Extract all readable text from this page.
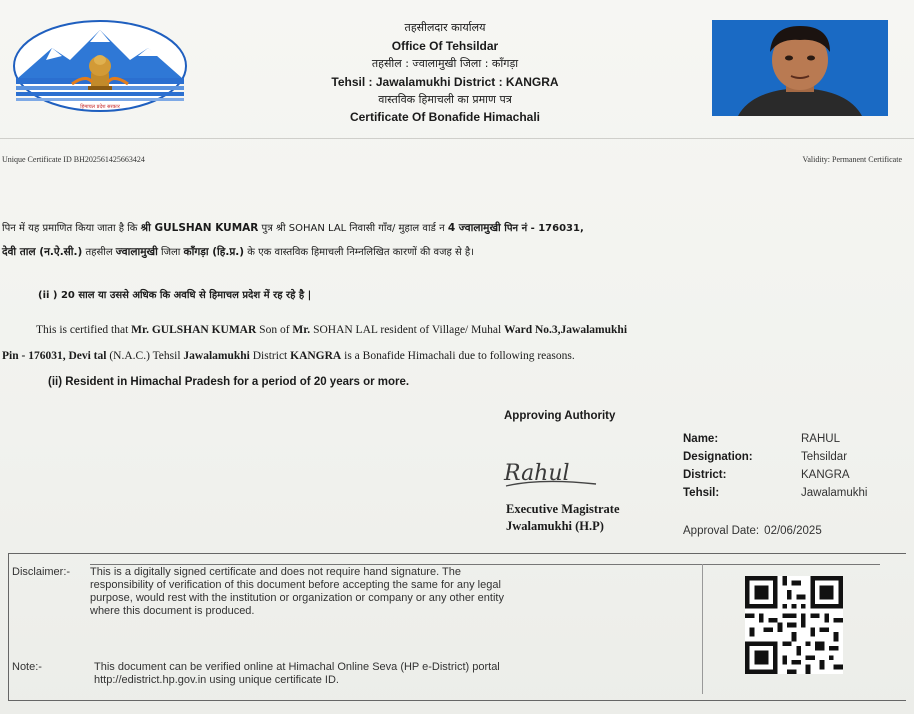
हिमाचल प्रदेश सरकार
तहसीलदार कार्यालय
Office Of Tehsildar
तहसील : ज्वालामुखी जिला : काँगड़ा
Tehsil : Jawalamukhi District : KANGRA
वास्तविक हिमाचली का प्रमाण पत्र
Certificate Of Bonafide Himachali
Unique Certificate ID BH202561425663424	Validity: Permanent Certificate
पिन में यह प्रमाणित किया जाता है कि श्री GULSHAN KUMAR पुत्र श्री SOHAN LAL निवासी गाँव/ मुहाल वार्ड न 4 ज्वालामुखी पिन नं - 176031,
देवी ताल (न.ऐ.सी.) तहसील ज्वालामुखी जिला काँगड़ा (हि.प्र.) के एक वास्तविक हिमाचली निम्नलिखित कारणों की वजह से है।
(ii ) 20 साल या उससे अधिक कि अवधि से हिमाचल प्रदेश में रह रहे है |
This is certified that Mr. GULSHAN KUMAR Son of Mr. SOHAN LAL resident of Village/ Muhal Ward No.3,Jawalamukhi
Pin - 176031, Devi tal (N.A.C.) Tehsil Jawalamukhi District KANGRA is a Bonafide Himachali due to following reasons.
(ii) Resident in Himachal Pradesh for a period of 20 years or more.
Approving Authority
Name:	RAHUL
Designation:	Tehsildar
District:	KANGRA
Tehsil:	Jawalamukhi
Approval Date: 02/06/2025
Rahul
Executive Magistrate
Jwalamukhi (H.P)
Disclaimer:- This is a digitally signed certificate and does not require hand signature. The
responsibility of verification of this document before accepting the same for any legal
purpose, would rest with the institution or organization or company or any other entity
where this document is produced.
Note:-	This document can be verified online at Himachal Online Seva (HP e-District) portal
http://edistrict.hp.gov.in using unique certificate ID.
